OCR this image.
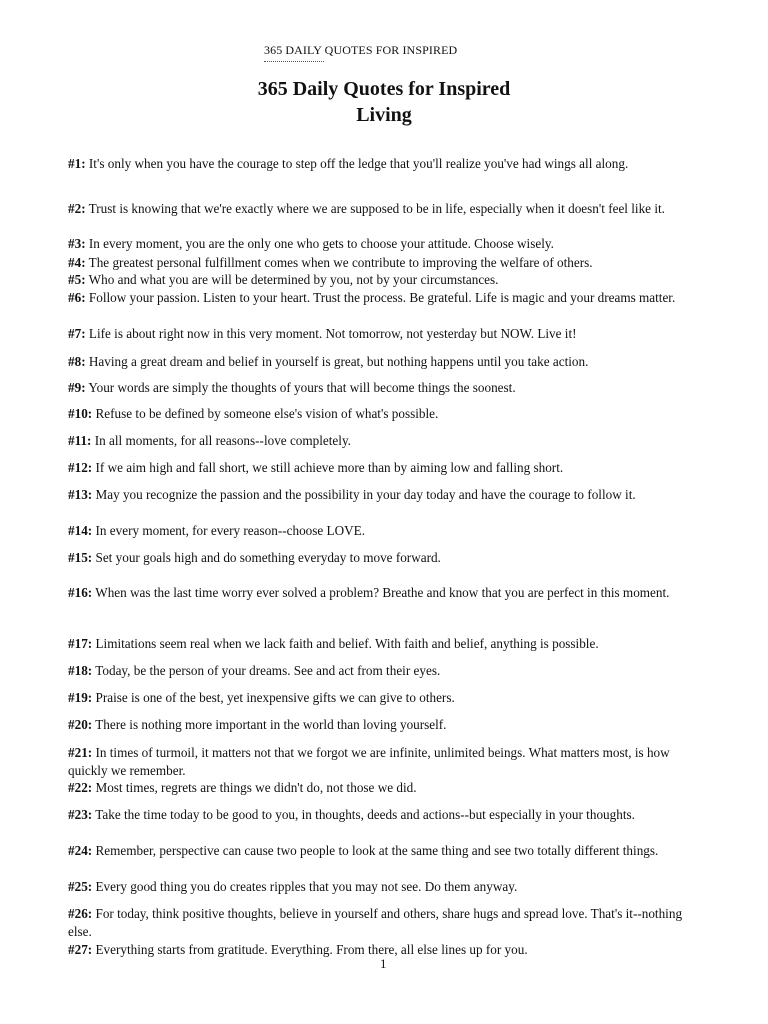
365 DAILY QUOTES FOR INSPIRED
365 Daily Quotes for Inspired
Living
#1: It's only when you have the courage to step off the ledge that you'll realize you've had wings all along.
#2: Trust is knowing that we're exactly where we are supposed to be in life, especially when it doesn't feel like it.
#3: In every moment, you are the only one who gets to choose your attitude. Choose wisely.
#4: The greatest personal fulfillment comes when we contribute to improving the welfare of others.
#5: Who and what you are will be determined by you, not by your circumstances.
#6: Follow your passion. Listen to your heart. Trust the process. Be grateful. Life is magic and your dreams matter.
#7: Life is about right now in this very moment. Not tomorrow, not yesterday but NOW. Live it!
#8: Having a great dream and belief in yourself is great, but nothing happens until you take action.
#9: Your words are simply the thoughts of yours that will become things the soonest.
#10: Refuse to be defined by someone else's vision of what's possible.
#11: In all moments, for all reasons--love completely.
#12: If we aim high and fall short, we still achieve more than by aiming low and falling short.
#13: May you recognize the passion and the possibility in your day today and have the courage to follow it.
#14: In every moment, for every reason--choose LOVE.
#15: Set your goals high and do something everyday to move forward.
#16: When was the last time worry ever solved a problem? Breathe and know that you are perfect in this moment.
#17: Limitations seem real when we lack faith and belief. With faith and belief, anything is possible.
#18: Today, be the person of your dreams. See and act from their eyes.
#19: Praise is one of the best, yet inexpensive gifts we can give to others.
#20: There is nothing more important in the world than loving yourself.
#21: In times of turmoil, it matters not that we forgot we are infinite, unlimited beings. What matters most, is how quickly we remember.
#22: Most times, regrets are things we didn't do, not those we did.
#23: Take the time today to be good to you, in thoughts, deeds and actions--but especially in your thoughts.
#24: Remember, perspective can cause two people to look at the same thing and see two totally different things.
#25: Every good thing you do creates ripples that you may not see. Do them anyway.
#26: For today, think positive thoughts, believe in yourself and others, share hugs and spread love. That's it--nothing else.
#27: Everything starts from gratitude. Everything. From there, all else lines up for you.
1
